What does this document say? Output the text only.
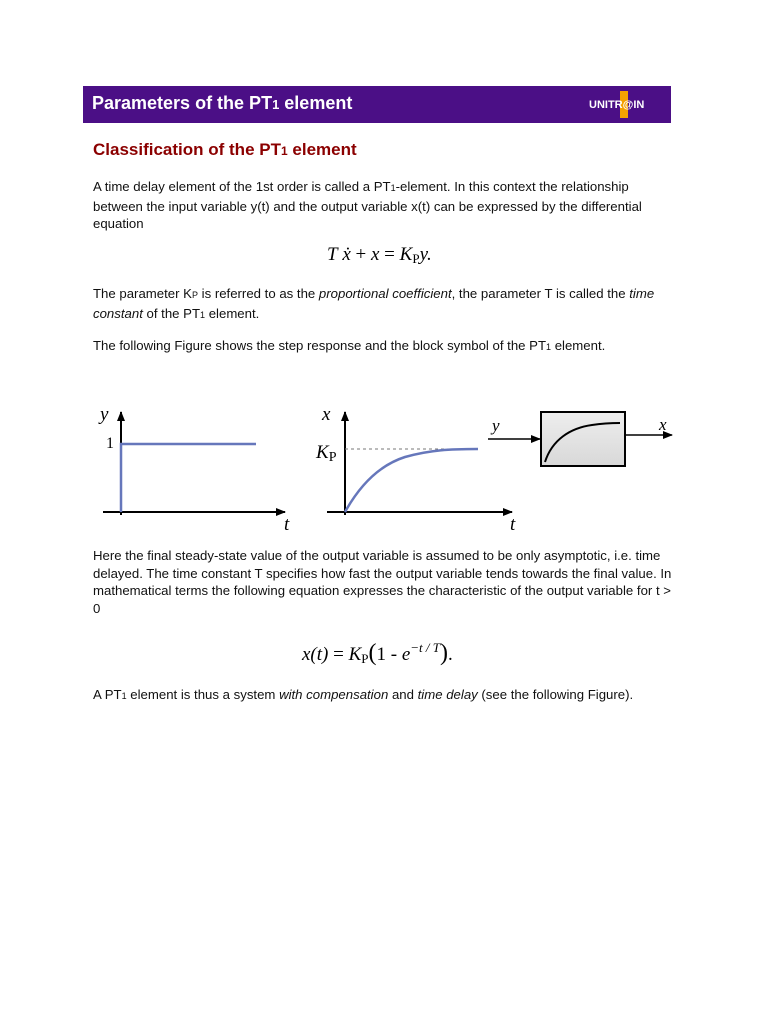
Parameters of the PT1 element	UNITR@IN
Classification of the PT1 element
A time delay element of the 1st order is called a PT1-element. In this context the relationship between the input variable y(t) and the output variable x(t) can be expressed by the differential equation
T ẋ + x = KPy.
The parameter KP is referred to as the proportional coefficient, the parameter T is called the time constant of the PT1 element.
The following Figure shows the step response and the block symbol of the PT1 element.
y
1
t
x
KP
t
y	x
Here the final steady-state value of the output variable is assumed to be only asymptotic, i.e. time delayed. The time constant T specifies how fast the output variable tends towards the final value. In mathematical terms the following equation expresses the characteristic of the output variable for t > 0
$x(t) = KP(1 - e^{-t / T})$.
A PT1 element is thus a system with compensation and time delay (see the following Figure).
